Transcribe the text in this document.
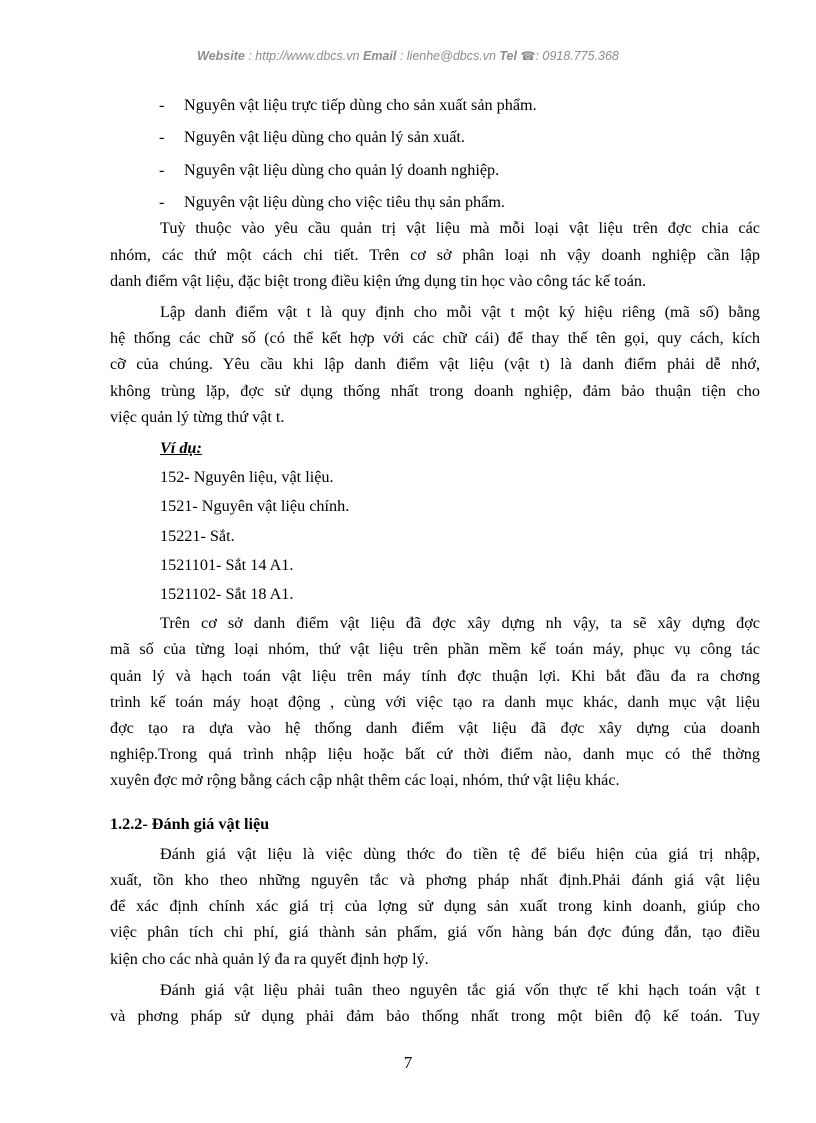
Website : http://www.dbcs.vn Email : lienhe@dbcs.vn Tel ☎: 0918.775.368
- Nguyên vật liệu trực tiếp dùng cho sản xuất sản phẩm.
- Nguyên vật liệu dùng cho quản lý sản xuất.
- Nguyên vật liệu dùng cho quản lý doanh nghiệp.
- Nguyên vật liệu dùng cho việc tiêu thụ sản phẩm.
Tuỳ thuộc vào yêu cầu quản trị vật liệu mà mỗi loại vật liệu trên đợc chia các
nhóm, các thứ một cách chi tiết. Trên cơ sở phân loại nh vậy doanh nghiệp cần lập
danh điểm vật liệu, đặc biệt trong điều kiện ứng dụng tin học vào công tác kế toán.
Lập danh điểm vật t là quy định cho mỗi vật t một ký hiệu riêng (mã số) bằng
hệ thống các chữ số (có thể kết hợp với các chữ cái) để thay thế tên gọi, quy cách, kích
cỡ của chúng. Yêu cầu khi lập danh điểm vật liệu (vật t) là danh điểm phải dễ nhớ,
không trùng lặp, đợc sử dụng thống nhất trong doanh nghiệp, đảm bảo thuận tiện cho
việc quản lý từng thứ vật t.
Ví dụ:
152- Nguyên liệu, vật liệu.
1521- Nguyên vật liệu chính.
15221- Sắt.
1521101- Sắt 14 A1.
1521102- Sắt 18 A1.
Trên cơ sở danh điểm vật liệu đã đợc xây dựng nh vậy, ta sẽ xây dựng đợc
mã số của từng loại nhóm, thứ vật liệu trên phần mềm kế toán máy, phục vụ công tác
quản lý và hạch toán vật liệu trên máy tính đợc thuận lợi. Khi bắt đầu đa ra chơng
trình kế toán máy hoạt động , cùng với việc tạo ra danh mục khác, danh mục vật liệu
đợc tạo ra dựa vào hệ thống danh điểm vật liệu đã đợc xây dựng của doanh
nghiệp.Trong quá trình nhập liệu hoặc bất cứ thời điểm nào, danh mục có thể thờng
xuyên đợc mở rộng bằng cách cập nhật thêm các loại, nhóm, thứ vật liệu khác.
1.2.2- Đánh giá vật liệu
Đánh giá vật liệu là việc dùng thớc đo tiền tệ để biểu hiện của giá trị nhập,
xuất, tồn kho theo những nguyên tắc và phơng pháp nhất định.Phải đánh giá vật liệu
để xác định chính xác giá trị của lợng sử dụng sản xuất trong kinh doanh, giúp cho
việc phân tích chi phí, giá thành sản phẩm, giá vốn hàng bán đợc đúng đắn, tạo điều
kiện cho các nhà quản lý đa ra quyết định hợp lý.
Đánh giá vật liệu phải tuân theo nguyên tắc giá vốn thực tế khi hạch toán vật t
và phơng pháp sử dụng phải đảm bảo thống nhất trong một biên độ kế toán. Tuy
7
